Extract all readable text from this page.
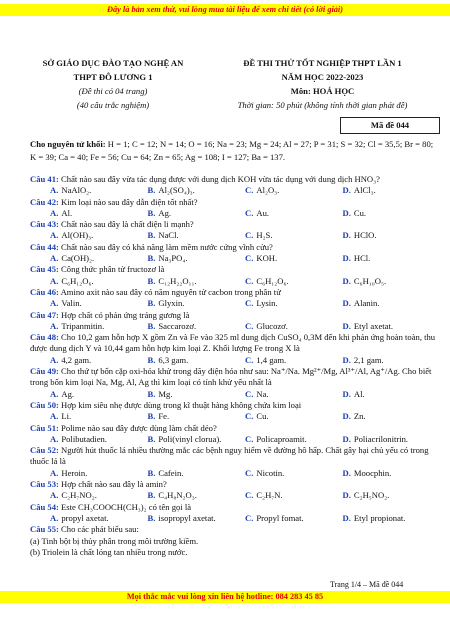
Đây là bản xem thử, vui lòng mua tài liệu để xem chi tiết (có lời giải)
SỞ GIÁO DỤC ĐÀO TẠO NGHỆ AN
THPT ĐÔ LƯƠNG 1
(Đề thi có 04 trang)
(40 câu trắc nghiệm)
ĐỀ THI THỬ TỐT NGHIỆP THPT LẦN 1
NĂM HỌC 2022-2023
Môn: HOÁ HỌC
Thời gian: 50 phút (không tính thời gian phát đề)
Mã đề 044
Cho nguyên tử khối: H = 1; C = 12; N = 14; O = 16; Na = 23; Mg = 24; Al = 27; P = 31; S = 32; Cl = 35,5; Br = 80; K = 39; Ca = 40; Fe = 56; Cu = 64; Zn = 65; Ag = 108; I = 127; Ba = 137.
Câu 41: Chất nào sau đây vừa tác dụng được với dung dịch KOH vừa tác dụng với dung dịch HNO₃?
A. NaAlO₂.	B. Al₂(SO₄)₃.	C. Al₂O₃.	D. AlCl₃.
Câu 42: Kim loại nào sau đây dẫn điện tốt nhất?
A. Al.	B. Ag.	C. Au.	D. Cu.
Câu 43: Chất nào sau đây là chất điện li mạnh?
A. Al(OH)₃.	B. NaCl.	C. H₂S.	D. HClO.
Câu 44: Chất nào sau đây có khả năng làm mềm nước cứng vĩnh cửu?
A. Ca(OH)₂.	B. Na₃PO₄.	C. KOH.	D. HCl.
Câu 45: Công thức phân tử fructozơ là
A. C₆H₁₂O₆.	B. C₁₂H₂₂O₁₁.	C. C₆H₁₂O₆.	D. C₆H₁₀O₅.
Câu 46: Amino axit nào sau đây có năm nguyên tử cacbon trong phân tử
A. Valin.	B. Glyxin.	C. Lysin.	D. Alanin.
Câu 47: Hợp chất có phản ứng tráng gương là
A. Tripanmitin.	B. Saccarozơ.	C. Glucozơ.	D. Etyl axetat.
Câu 48: Cho 10,2 gam hỗn hợp X gồm Zn và Fe vào 325 ml dung dịch CuSO₄ 0,3M đến khi phản ứng hoàn toàn, thu được dung dịch Y và 10,44 gam hỗn hợp kim loại Z. Khối lượng Fe trong X là
A. 4,2 gam.	B. 6,3 gam.	C. 1,4 gam.	D. 2,1 gam.
Câu 49: Cho thứ tự bốn cặp oxi-hóa khử trong dãy điện hóa như sau: Na⁺/Na. Mg²⁺/Mg, Al³⁺/Al, Ag⁺/Ag. Cho biết trong bốn kim loại Na, Mg, Al, Ag thì kim loại có tính khử yếu nhất là
A. Ag.	B. Mg.	C. Na.	D. Al.
Câu 50: Hợp kim siêu nhẹ được dùng trong kĩ thuật hàng không chứa kim loại
A. Li.	B. Fe.	C. Cu.	D. Zn.
Câu 51: Polime nào sau đây được dùng làm chất dẻo?
A. Polibutadien.	B. Poli(vinyl clorua).	C. Policaproamit.	D. Poliacrilonitrin.
Câu 52: Người hút thuốc lá nhiều thường mắc các bệnh nguy hiểm về đường hô hấp. Chất gây hại chủ yếu có trong thuốc lá là
A. Heroin.	B. Cafein.	C. Nicotin.	D. Moocphin.
Câu 53: Hợp chất nào sau đây là amin?
A. C₂H₇NO₂.	B. C₄H₈N₂O₃.	C. C₂H₇N.	D. C₂H₅NO₂.
Câu 54: Este CH₃COOCH(CH₃)₂ có tên gọi là
A. propyl axetat.	B. isopropyl axetat.	C. Propyl fomat.	D. Etyl propionat.
Câu 55: Cho các phát biểu sau:
(a) Tinh bột bị thủy phân trong môi trường kiềm.
(b) Triolein là chất lỏng tan nhiều trong nước.
Trang 1/4 – Mã đề 044
Mọi thắc mắc vui lòng xin liên hệ hotline: 084 283 45 85
